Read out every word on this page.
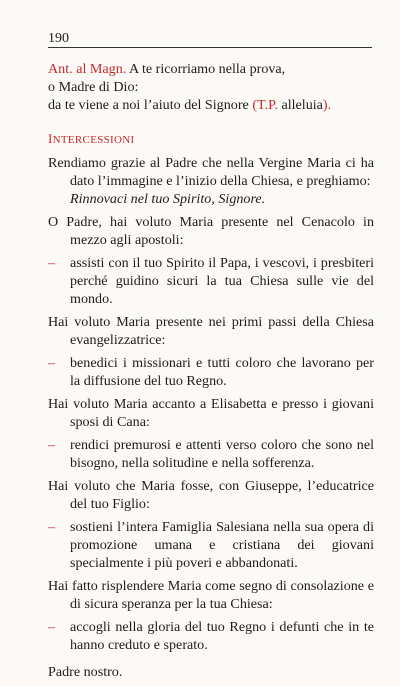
190

Ant. al Magn. A te ricorriamo nella prova,

o Madre di Dio:

da te viene a noi l’aiuto del Signore (T.P. alleluia).

INTERCESSIONI
Rendiamo grazie al Padre che nella Vergine Maria ci ha dato l’immagine e l’inizio della Chiesa, e preghiamo:
Rinnovaci nel tuo Spirito, Signore.

O Padre, hai voluto Maria presente nel Cenacolo in mezzo agli apostoli:

–	assisti con il tuo Spirito il Papa, i vescovi, i presbiteri perché guidino sicuri la tua Chiesa sulle vie del mondo.

Hai voluto Maria presente nei primi passi della Chiesa evangelizzatrice:

–	benedici i missionari e tutti coloro che lavorano per la diffusione del tuo Regno.

Hai voluto Maria accanto a Elisabetta e presso i giovani sposi di Cana:

–	rendici premurosi e attenti verso coloro che sono nel bisogno, nella solitudine e nella sofferenza.

Hai voluto che Maria fosse, con Giuseppe, l’educatrice del tuo Figlio:

–	sostieni l’intera Famiglia Salesiana nella sua opera di promozione umana e cristiana dei giovani specialmente i più poveri e abbandonati.

Hai fatto risplendere Maria come segno di consolazione e di sicura speranza per la tua Chiesa:

–	accogli nella gloria del tuo Regno i defunti che in te hanno creduto e sperato.

Padre nostro.
